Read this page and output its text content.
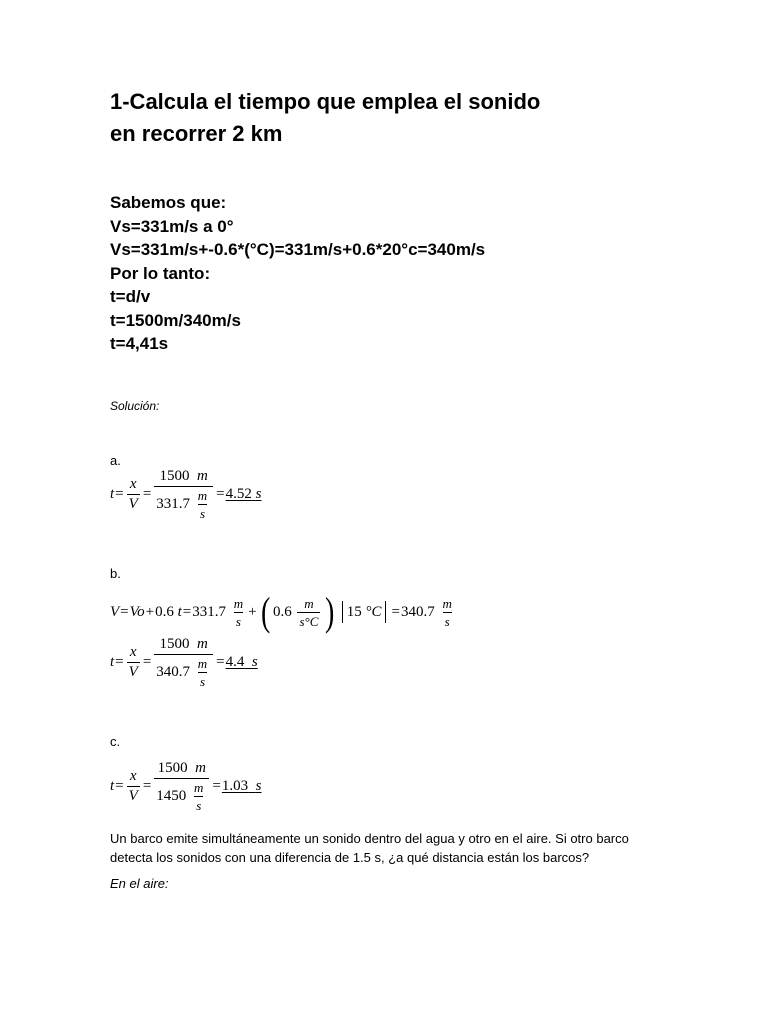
1-Calcula el tiempo que emplea el sonido
en recorrer 2 km
Sabemos que:
Vs=331m/s a 0°
Vs=331m/s+-0.6*(°C)=331m/s+0.6*20°c=340m/s
Por lo tanto:
t=d/v
t=1500m/340m/s
t=4,41s
Solución:
a.
$t = \frac{x}{V} = 1500$ m
331.7
$\frac{m}{s} = 4.52$ s
b.
V = Vo + 0.6
t = 331.7
$\frac{m}{s}$ + ( 0.6
$\frac{m}{s^\circ C}$ ) 15
°C = 340.7
$\frac{m}{s}$
$t = \frac{x}{V} = 1500$ m
340.7
$\frac{m}{s} = 4.4$ s
c.
$t = \frac{x}{V} = 1500$ m
1450
$\frac{m}{s} = 1.03$ s
Un barco emite simultáneamente un sonido dentro del agua y otro en el aire. Si otro barco
detecta los sonidos con una diferencia de 1.5 s, ¿a qué distancia están los barcos?
En el aire:
